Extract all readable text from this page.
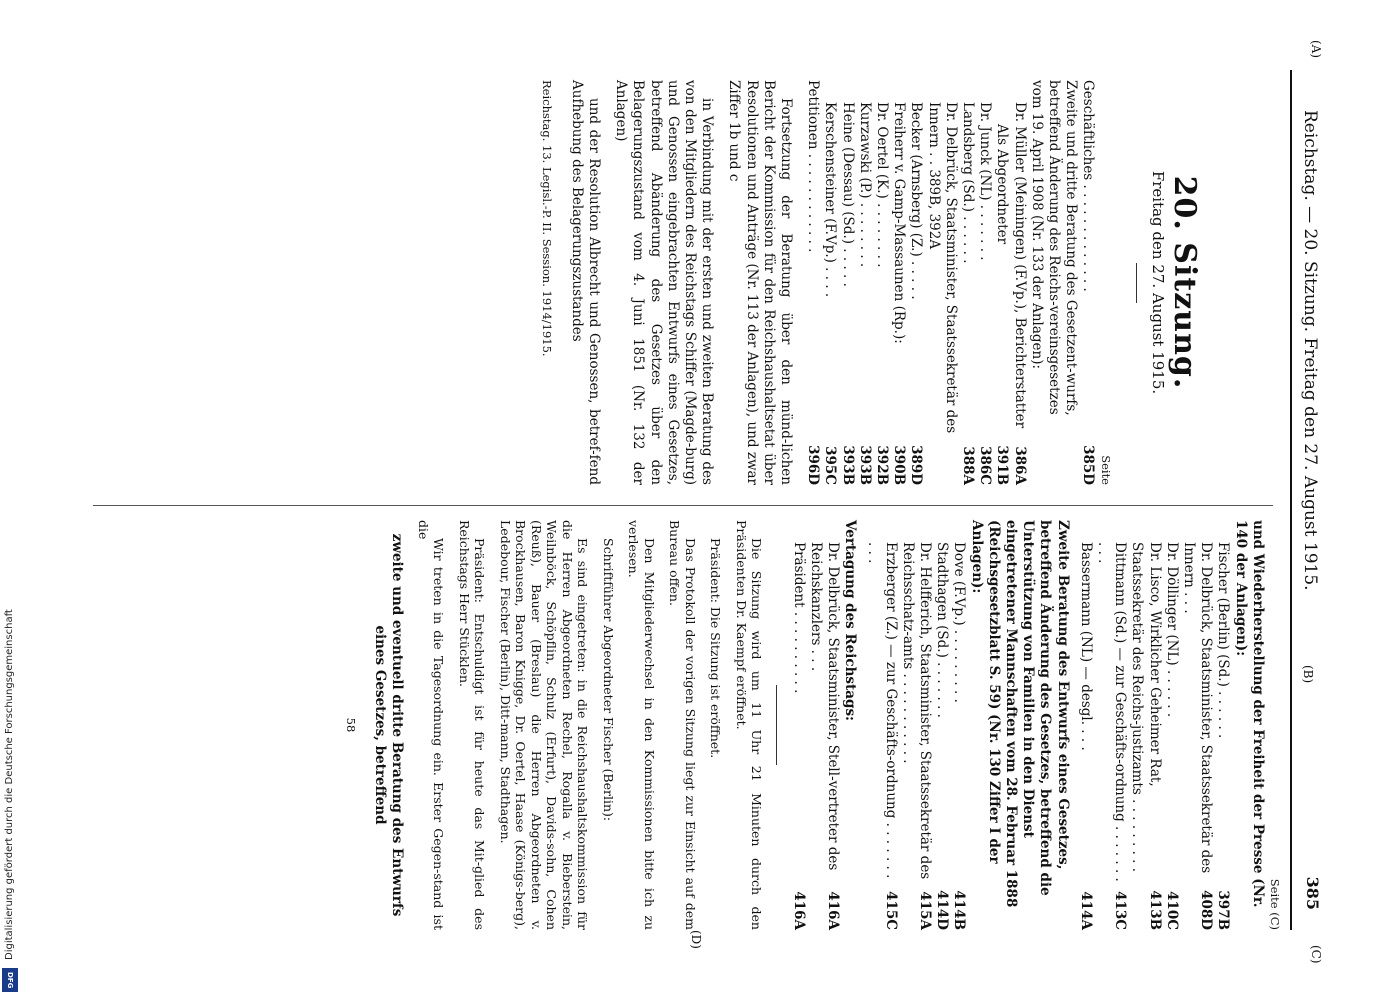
Reichstag. — 20. Sitzung. Freitag den 27. August 1915.
385
(B)
(D)
20. Sitzung.
Freitag den 27. August 1915.
Seite
Geschäftliches . . . . . . . . . . . . .
385D
Zweite und dritte Beratung des Gesetzent-wurfs, betreffend Änderung des Reichs-vereinsgesetzes vom 19. April 1908 (Nr. 133 der Anlagen):
Dr. Müller (Meiningen) (F.Vp.), Berichterstatter
386A
Als Abgeordneter
391B
Dr. Junck (NL) . . . . . . .
386C
Landsberg (Sd.) . . . . . .
388A
Dr. Delbrück, Staatsminister, Staatssekretär des Innern . . 389B, 392A
Becker (Arnsberg) (Z.) . . . . .
389D
Freiherr v. Gamp-Massaunen (Rp.):
390B
Dr. Oertel (K.) . . . . . . . .
392B
Kurzawski (P.) . . . . . . . .
393B
Heine (Dessau) (Sd.) . . . . .
393B
Kerschensteiner (F.Vp.) . . . .
395C
Petitionen . . . . . . . . . . . .
396D
Fortsetzung der Beratung über den münd-lichen Bericht der Kommission für den Reichshaushaltsetat über Resolutionen und Anträge (Nr. 113 der Anlagen), und zwar Ziffer 1b und c
in Verbindung mit der ersten und zweiten Beratung des von den Mitgliedern des Reichstags Schiffer (Magde-burg) und Genossen eingebrachten Entwurfs eines Gesetzes, betreffend Abänderung des Gesetzes über den Belagerungszustand vom 4. Juni 1851 (Nr. 132 der Anlagen)
und der Resolution Albrecht und Genossen, betref-fend Aufhebung des Belagerungszustandes
Reichstag. 13. Legisl.-P. II. Session. 1914/1915.
Seite (C)
und Wiederherstellung der Freiheit der Presse (Nr. 140 der Anlagen):
Fischer (Berlin) (Sd.) . . . . . .
397B
Dr. Delbrück, Staatsminister, Staatssekretär des Innern . . .
408D
Dr. Döllinger (NL) . . . . . .
410C
Dr. Lisco, Wirklicher Geheimer Rat, Staatssekretär des Reichs-justizamts . . . . . . . . .
413B
Dittmann (Sd.) — zur Geschäfts-ordnung . . . . . . . . . .
413C
Bassermann (NL) — desgl. . . .
414A
Zweite Beratung des Entwurfs eines Gesetzes, betreffend Änderung des Gesetzes, betreffend die Unterstützung von Familien in den Dienst eingetretener Mannschaften vom 28. Februar 1888 (Reichsgesetzblatt S. 59) (Nr. 130 Ziffer I der Anlagen):
Dove (F.Vp.) . . . . . . . . .
414B
Stadthagen (Sd.) . . . . . . .
414D
Dr. Helfferich, Staatsminister, Staatssekretär des Reichsschatz-amts . . . . . . . . . . .
415A
Erzberger (Z.) — zur Geschäfts-ordnung . . . . . . . . . .
415C
Vertagung des Reichstags:
Dr. Delbrück, Staatsminister, Stell-vertreter des Reichskanzlers . . .
416A
Präsident . . . . . . . . . .
416A
Die Sitzung wird um 11 Uhr 21 Minuten durch den Präsidenten Dr. Kaempf eröffnet.
Präsident: Die Sitzung ist eröffnet.
Das Protokoll der vorigen Sitzung liegt zur Einsicht auf dem Bureau offen.
Den Mitgliederwechsel in den Kommissionen bitte ich zu verlesen.
Schriftführer Abgeordneter Fischer (Berlin):
Es sind eingetreten: in die Reichshaushaltskommission für die Herren Abgeordneten Rechel, Rogalla v. Bieberstein, Weilnböck, Schöpflin, Schulz (Erfurt), Davids-sohn, Cohen (Reuß), Bauer (Breslau) die Herren Abgeordneten v. Brockhausen, Baron Knigge, Dr. Oertel, Haase (Königs-berg), Ledebour, Fischer (Berlin), Ditt-mann, Stadthagen.
Präsident: Entschuldigt ist für heute das Mit-glied des Reichstags Herr Stücklen.
Wir treten in die Tagesordnung ein. Erster Gegen-stand ist die
zweite und eventuell dritte Beratung des Entwurfs eines Gesetzes, betreffend
58
(A)
(C)
Digitalisierung gefördert durch die Deutsche Forschungsgemeinschaft
DFG
